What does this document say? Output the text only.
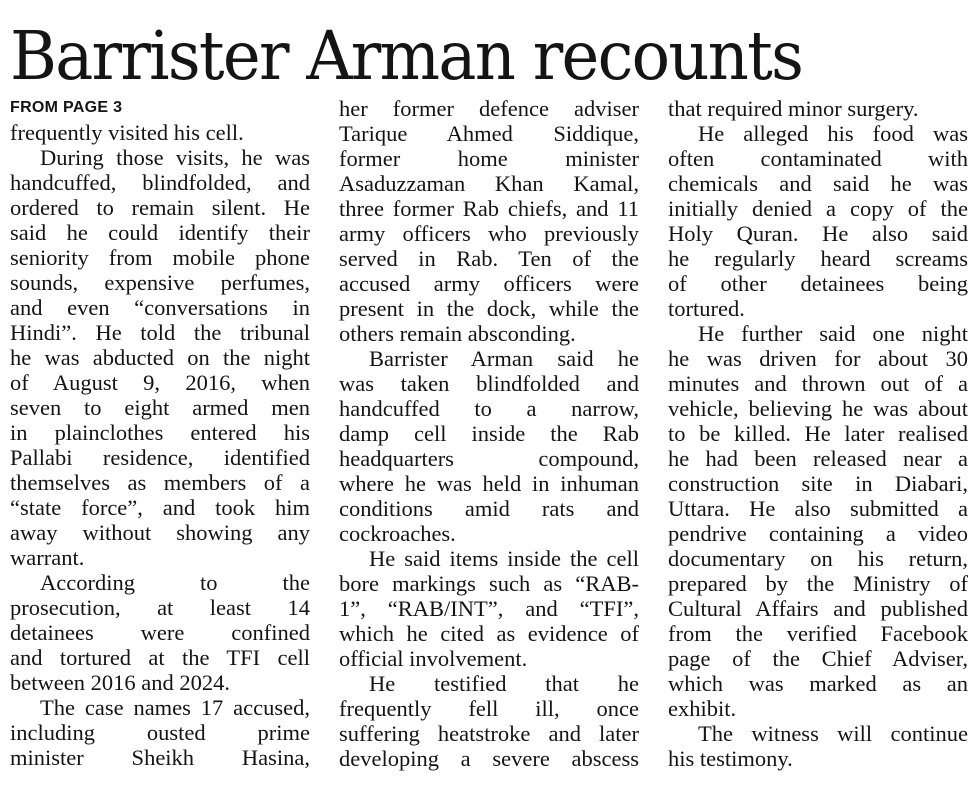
Barrister Arman recounts
FROM PAGE 3
frequently visited his cell.
During those visits, he was
handcuffed, blindfolded, and
ordered to remain silent. He
said he could identify their
seniority from mobile phone
sounds, expensive perfumes,
and even “conversations in
Hindi”. He told the tribunal
he was abducted on the night
of August 9, 2016, when
seven to eight armed men
in plainclothes entered his
Pallabi residence, identified
themselves as members of a
“state force”, and took him
away without showing any
warrant.
According to the
prosecution, at least 14
detainees were confined
and tortured at the TFI cell
between 2016 and 2024.
The case names 17 accused,
including ousted prime
minister Sheikh Hasina,
her former defence adviser
Tarique Ahmed Siddique,
former home minister
Asaduzzaman Khan Kamal,
three former Rab chiefs, and 11
army officers who previously
served in Rab. Ten of the
accused army officers were
present in the dock, while the
others remain absconding.
Barrister Arman said he
was taken blindfolded and
handcuffed to a narrow,
damp cell inside the Rab
headquarters compound,
where he was held in inhuman
conditions amid rats and
cockroaches.
He said items inside the cell
bore markings such as “RAB-
1”, “RAB/INT”, and “TFI”,
which he cited as evidence of
official involvement.
He testified that he
frequently fell ill, once
suffering heatstroke and later
developing a severe abscess
that required minor surgery.
He alleged his food was
often contaminated with
chemicals and said he was
initially denied a copy of the
Holy Quran. He also said
he regularly heard screams
of other detainees being
tortured.
He further said one night
he was driven for about 30
minutes and thrown out of a
vehicle, believing he was about
to be killed. He later realised
he had been released near a
construction site in Diabari,
Uttara. He also submitted a
pendrive containing a video
documentary on his return,
prepared by the Ministry of
Cultural Affairs and published
from the verified Facebook
page of the Chief Adviser,
which was marked as an
exhibit.
The witness will continue
his testimony.
